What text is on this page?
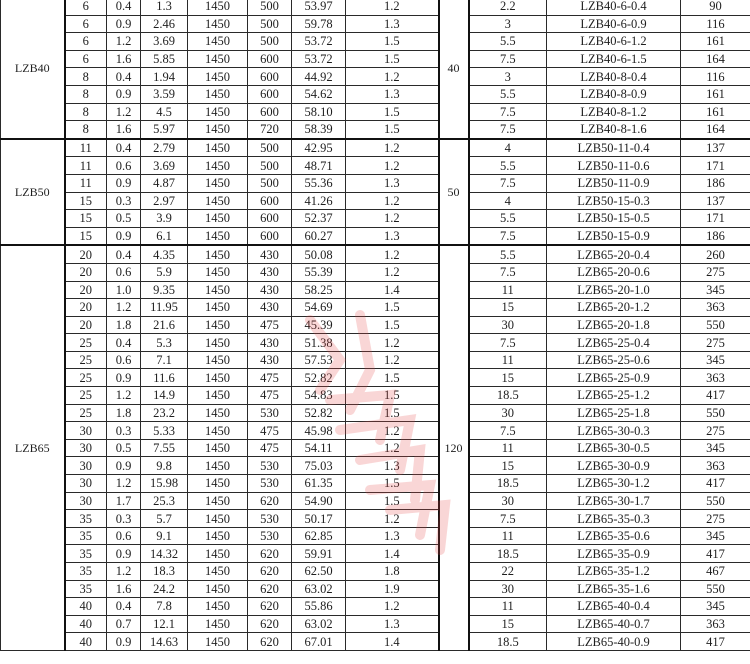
LZB40	6	0.4	1.3	1450	500	53.97	1.2	40	2.2	LZB40-6-0.4	90
	6	0.9	2.46	1450	500	59.78	1.3		3	LZB40-6-0.9	116
	6	1.2	3.69	1450	500	53.72	1.5		5.5	LZB40-6-1.2	161
	6	1.6	5.85	1450	600	53.72	1.5		7.5	LZB40-6-1.5	164
	8	0.4	1.94	1450	600	44.92	1.2		3	LZB40-8-0.4	116
	8	0.9	3.59	1450	600	54.62	1.3		5.5	LZB40-8-0.9	161
	8	1.2	4.5	1450	600	58.10	1.5		7.5	LZB40-8-1.2	161
	8	1.6	5.97	1450	720	58.39	1.5		7.5	LZB40-8-1.6	164
LZB50	11	0.4	2.79	1450	500	42.95	1.2	50	4	LZB50-11-0.4	137
	11	0.6	3.69	1450	500	48.71	1.2		5.5	LZB50-11-0.6	171
	11	0.9	4.87	1450	500	55.36	1.3		7.5	LZB50-11-0.9	186
	15	0.3	2.97	1450	600	41.26	1.2		4	LZB50-15-0.3	137
	15	0.5	3.9	1450	600	52.37	1.2		5.5	LZB50-15-0.5	171
	15	0.9	6.1	1450	600	60.27	1.3		7.5	LZB50-15-0.9	186
LZB65	20	0.4	4.35	1450	430	50.08	1.2	120	5.5	LZB65-20-0.4	260
	20	0.6	5.9	1450	430	55.39	1.2		7.5	LZB65-20-0.6	275
	20	1.0	9.35	1450	430	58.25	1.4		11	LZB65-20-1.0	345
	20	1.2	11.95	1450	430	54.69	1.5		15	LZB65-20-1.2	363
	20	1.8	21.6	1450	475	45.39	1.5		30	LZB65-20-1.8	550
	25	0.4	5.3	1450	430	51.38	1.2		7.5	LZB65-25-0.4	275
	25	0.6	7.1	1450	430	57.53	1.2		11	LZB65-25-0.6	345
	25	0.9	11.6	1450	475	52.82	1.5		15	LZB65-25-0.9	363
	25	1.2	14.9	1450	475	54.83	1.5		18.5	LZB65-25-1.2	417
	25	1.8	23.2	1450	530	52.82	1.5		30	LZB65-25-1.8	550
	30	0.3	5.33	1450	475	45.98	1.2		7.5	LZB65-30-0.3	275
	30	0.5	7.55	1450	475	54.11	1.2		11	LZB65-30-0.5	345
	30	0.9	9.8	1450	530	75.03	1.3		15	LZB65-30-0.9	363
	30	1.2	15.98	1450	530	61.35	1.5		18.5	LZB65-30-1.2	417
	30	1.7	25.3	1450	620	54.90	1.5		30	LZB65-30-1.7	550
	35	0.3	5.7	1450	530	50.17	1.2		7.5	LZB65-35-0.3	275
	35	0.6	9.1	1450	530	62.85	1.3		11	LZB65-35-0.6	345
	35	0.9	14.32	1450	620	59.91	1.4		18.5	LZB65-35-0.9	417
	35	1.2	18.3	1450	620	62.50	1.8		22	LZB65-35-1.2	467
	35	1.6	24.2	1450	620	63.02	1.9		30	LZB65-35-1.6	550
	40	0.4	7.8	1450	620	55.86	1.2		11	LZB65-40-0.4	345
	40	0.7	12.1	1450	620	63.02	1.3		15	LZB65-40-0.7	363
	40	0.9	14.63	1450	620	67.01	1.4		18.5	LZB65-40-0.9	417
